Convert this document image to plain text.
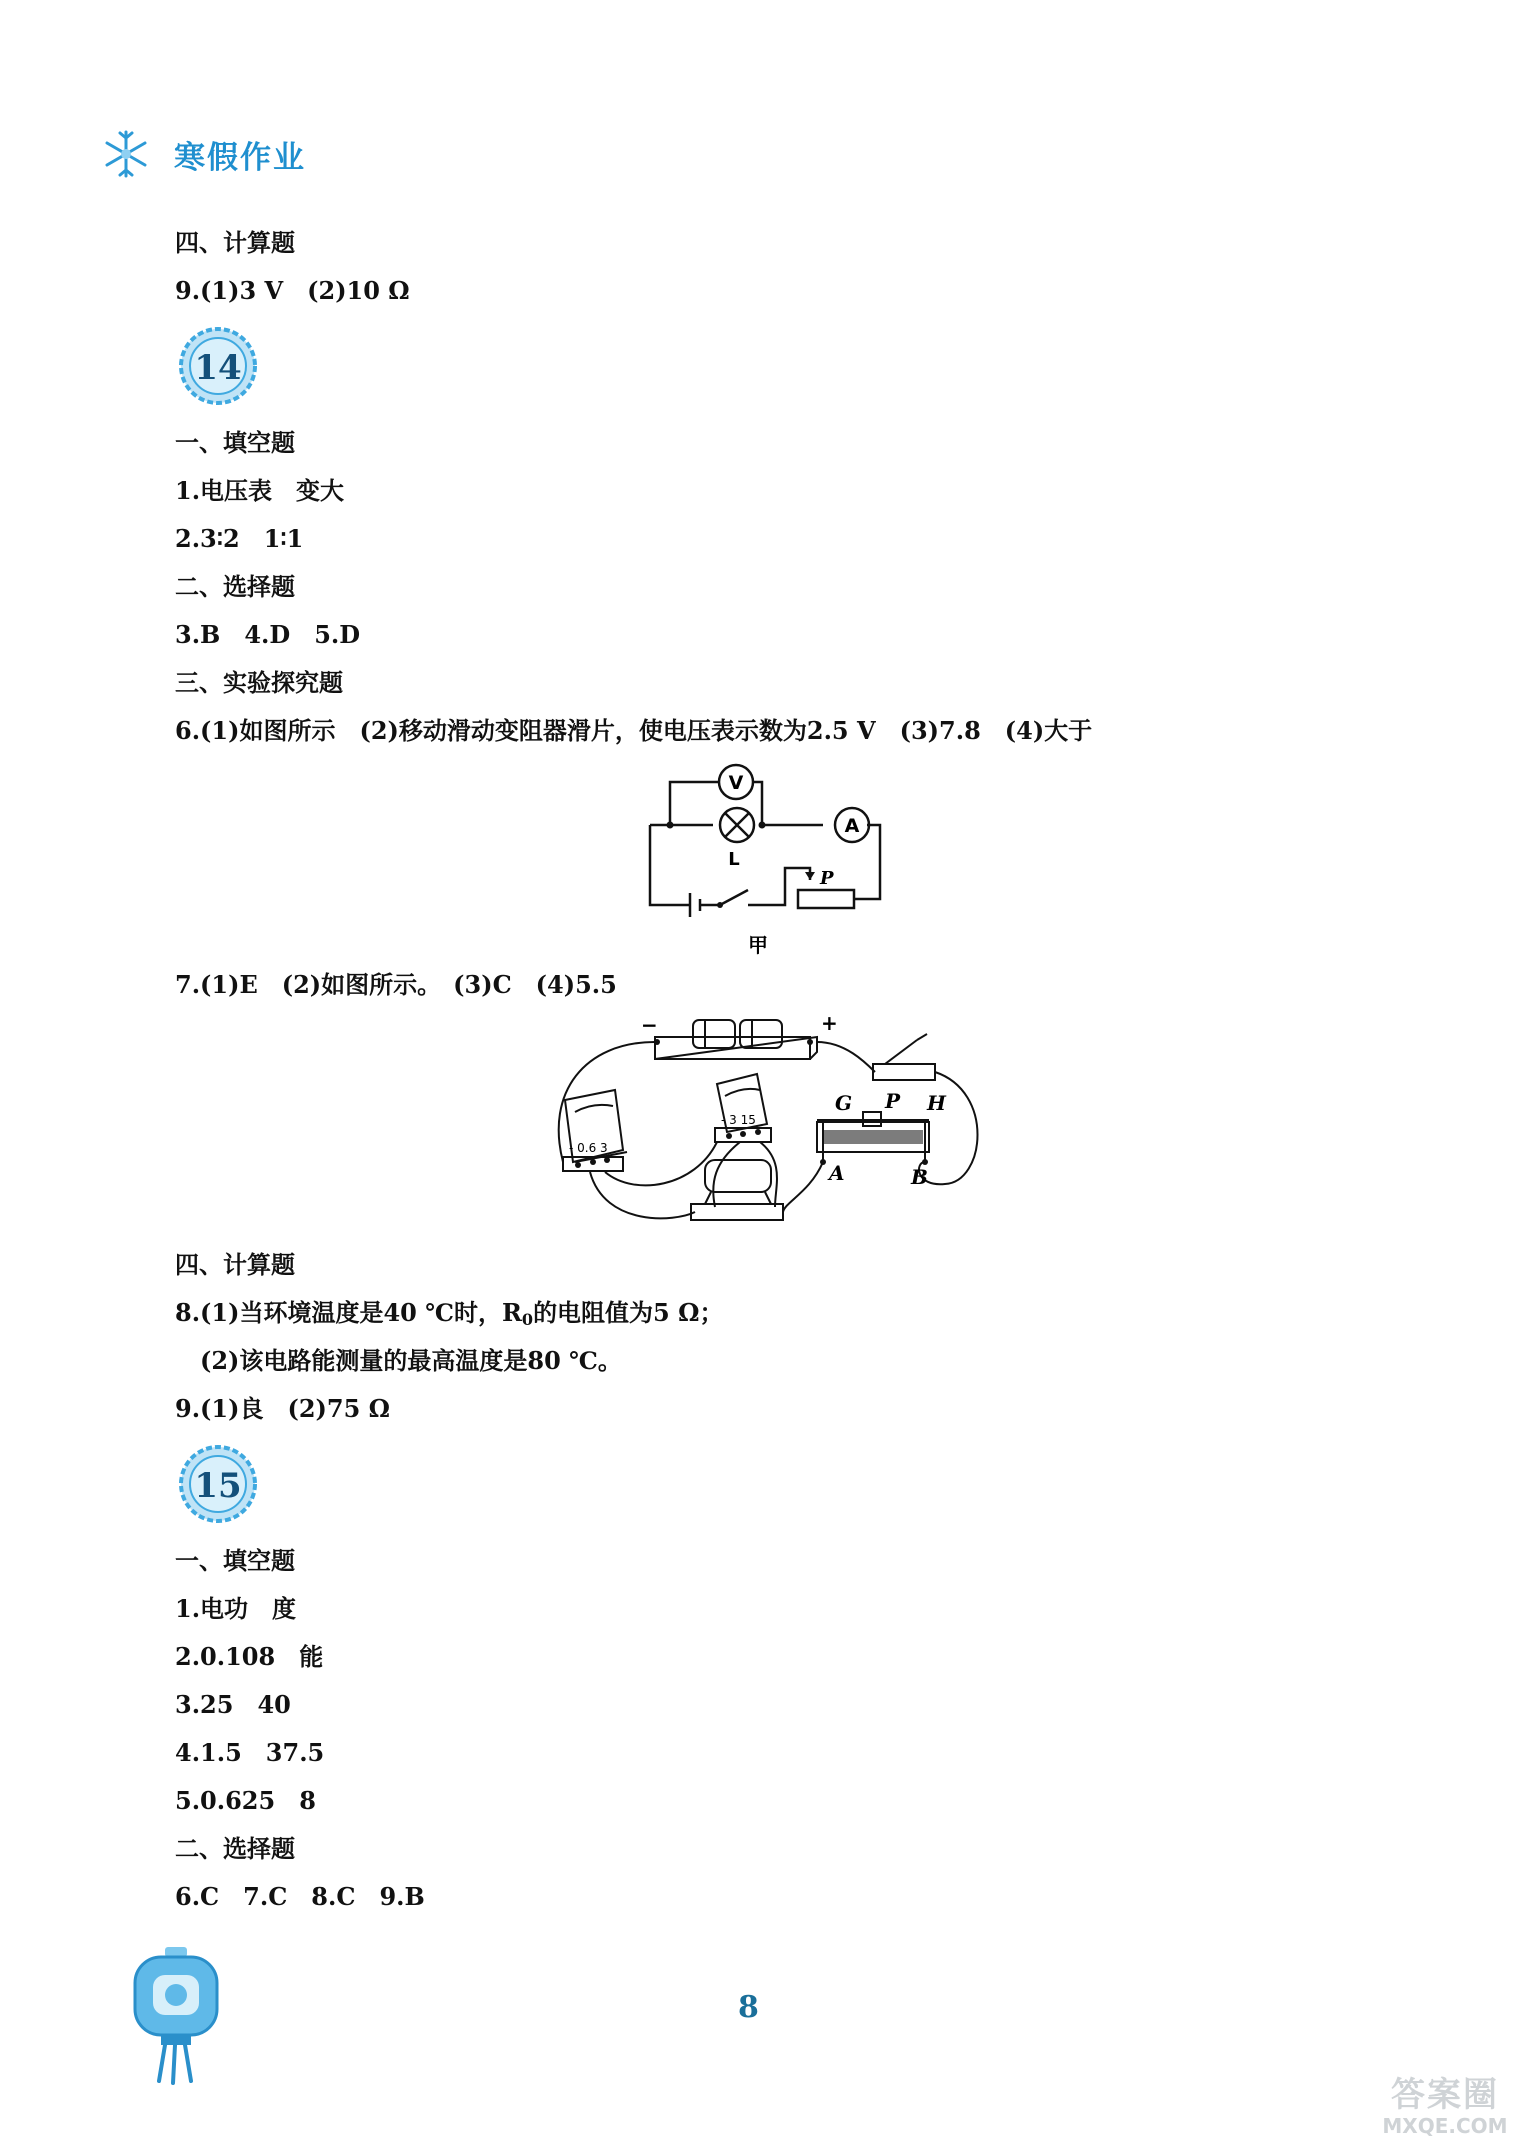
寒假作业
四、计算题
9.(1)3 V　(2)10 Ω
14
一、填空题
1.电压表　变大
2.3∶2　1∶1
二、选择题
3.B　4.D　5.D
三、实验探究题
6.(1)如图所示　(2)移动滑动变阻器滑片，使电压表示数为2.5 V　(3)7.8　(4)大于
V
A
L
P
甲
7.(1)E　(2)如图所示。　(3)C　(4)5.5
−	+
- 0.6 3
- 3 15
G P H
A	B
四、计算题
8.(1)当环境温度是40 ℃时，$R_0$的电阻值为5 Ω；
(2)该电路能测量的最高温度是80 ℃。
9.(1)良　(2)75 Ω
15
一、填空题
1.电功　度
2.0.108　能
3.25　40
4.1.5　37.5
5.0.625　8
二、选择题
6.C　7.C　8.C　9.B
8
答案圈
MXQE.COM
